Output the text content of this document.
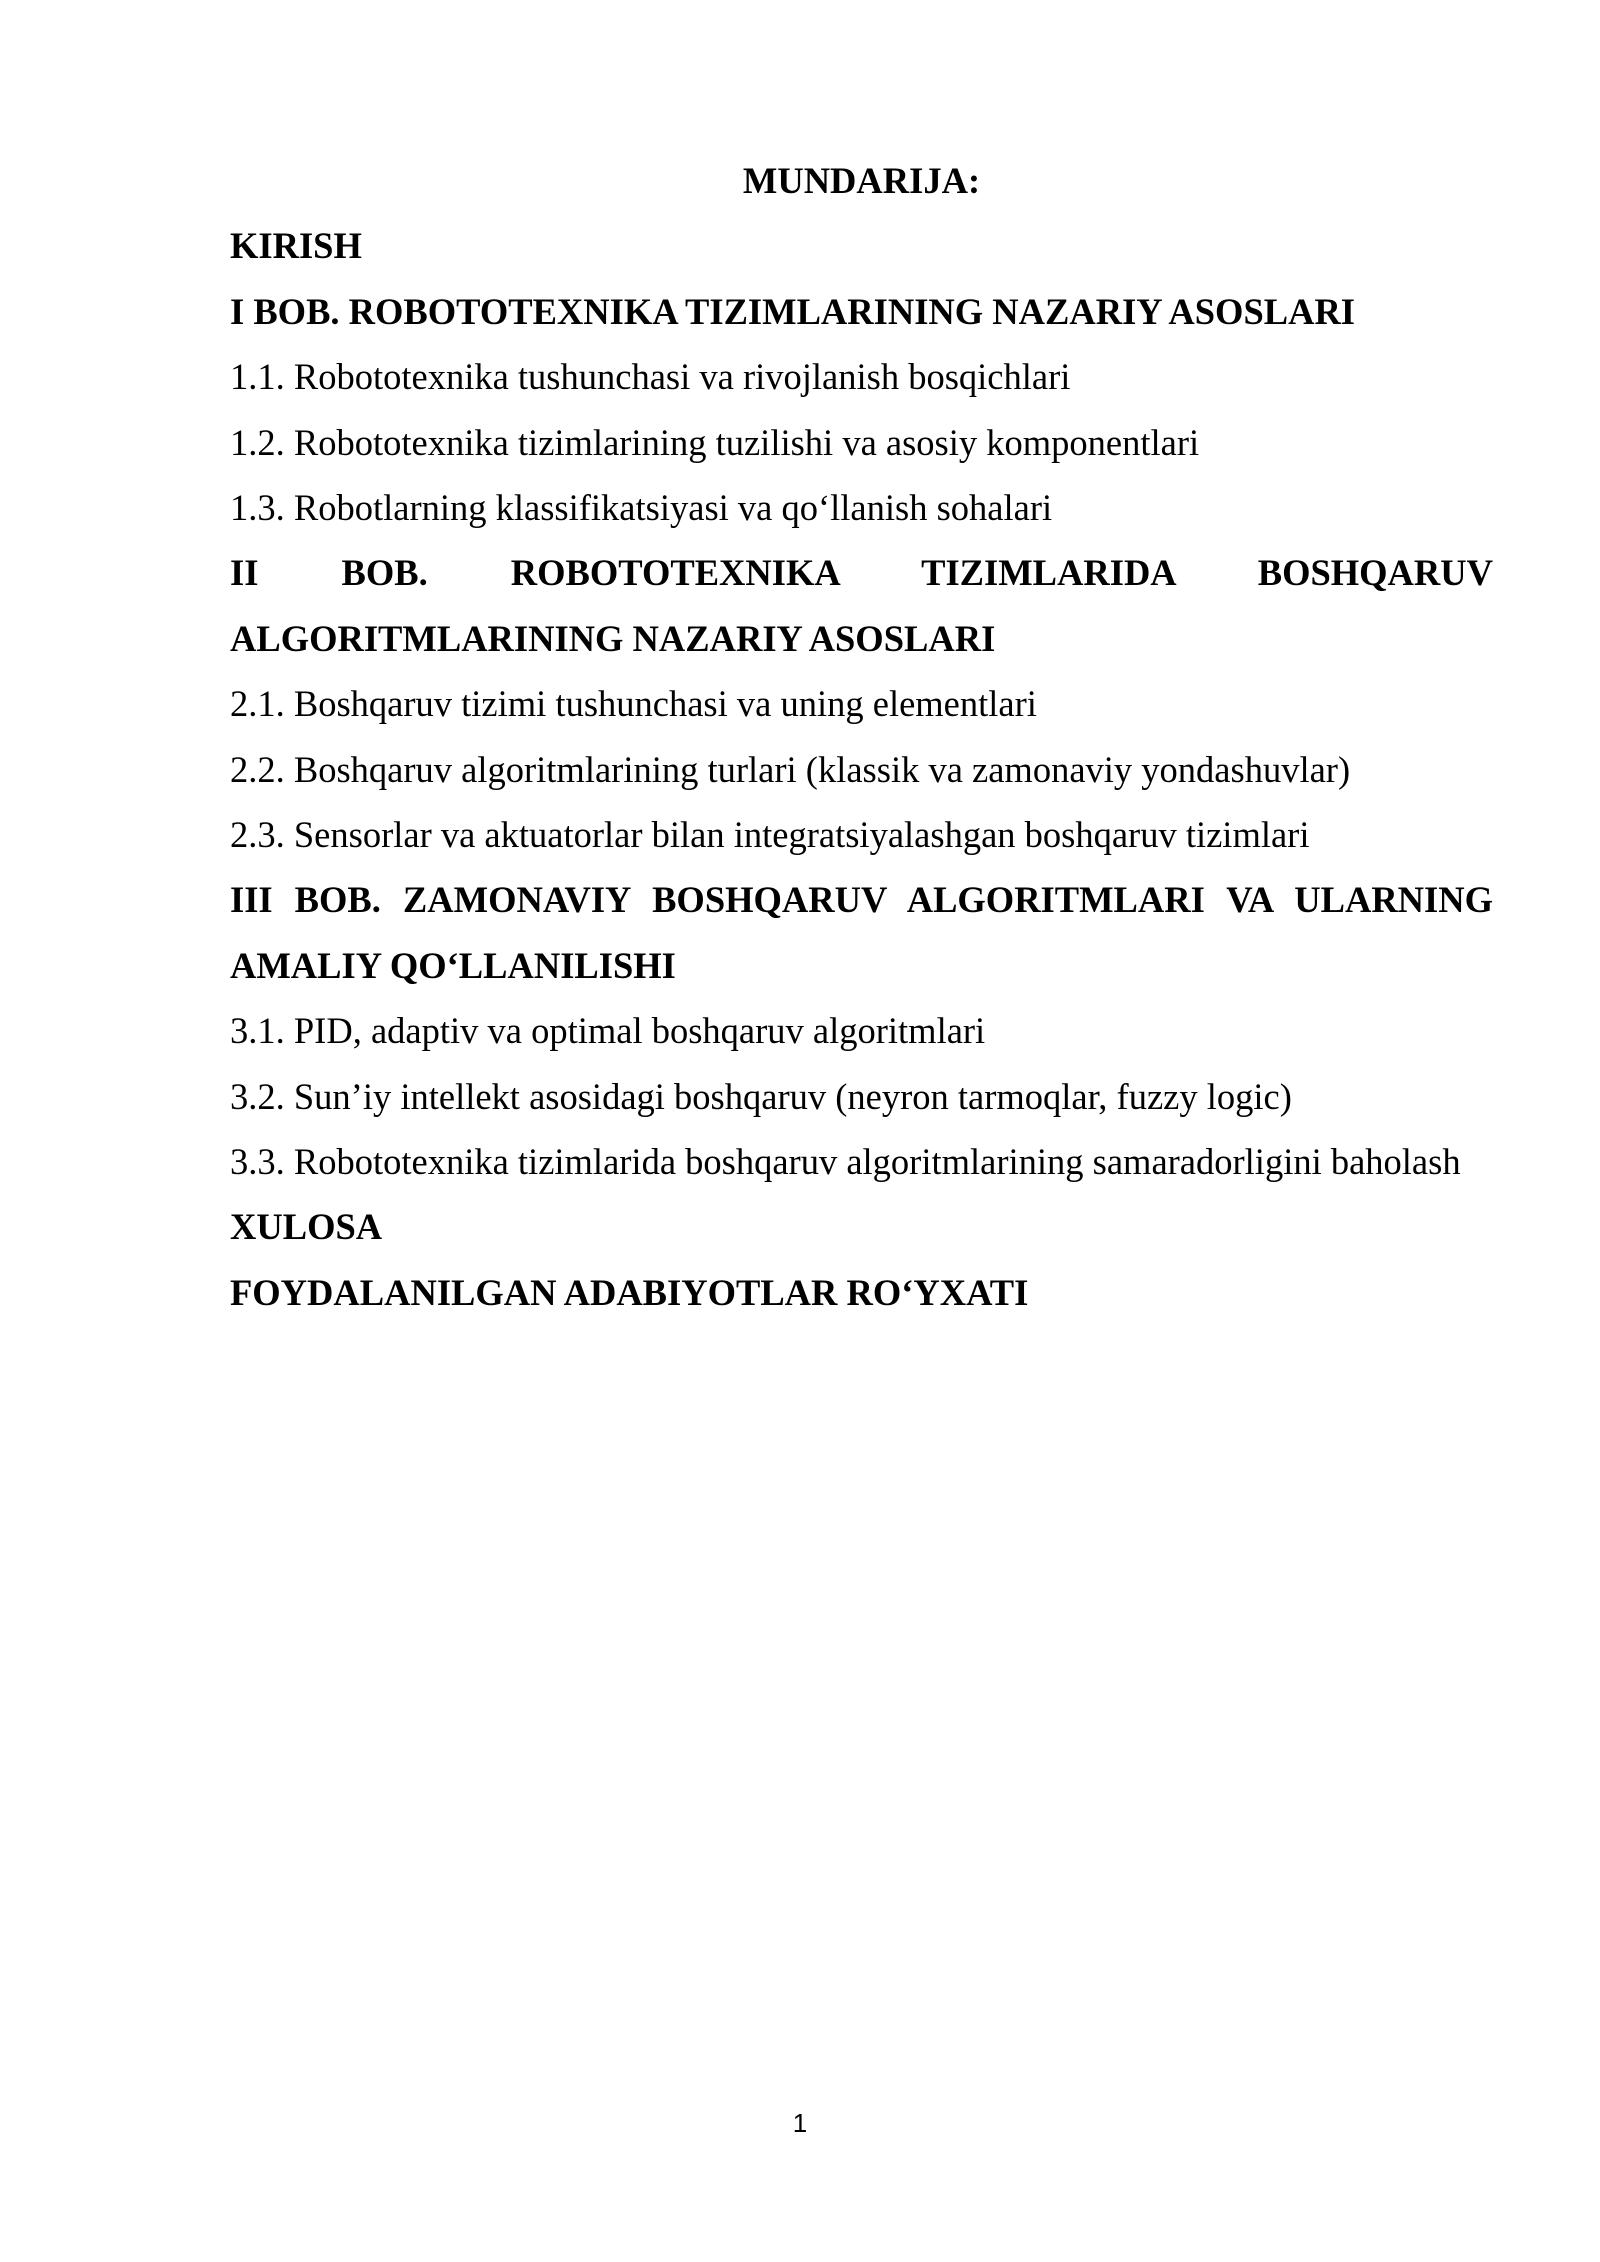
MUNDARIJA:

KIRISH

I BOB. ROBOTOTEXNIKA TIZIMLARINING NAZARIY ASOSLARI

1.1. Robototexnika tushunchasi va rivojlanish bosqichlari

1.2. Robototexnika tizimlarining tuzilishi va asosiy komponentlari

1.3. Robotlarning klassifikatsiyasi va qo‘llanish sohalari

II BOB. ROBOTOTEXNIKA TIZIMLARIDA BOSHQARUV ALGORITMLARINING NAZARIY ASOSLARI

2.1. Boshqaruv tizimi tushunchasi va uning elementlari

2.2. Boshqaruv algoritmlarining turlari (klassik va zamonaviy yondashuvlar)

2.3. Sensorlar va aktuatorlar bilan integratsiyalashgan boshqaruv tizimlari

III BOB. ZAMONAVIY BOSHQARUV ALGORITMLARI VA ULARNING AMALIY QO‘LLANILISHI

3.1. PID, adaptiv va optimal boshqaruv algoritmlari

3.2. Sun’iy intellekt asosidagi boshqaruv (neyron tarmoqlar, fuzzy logic)

3.3. Robototexnika tizimlarida boshqaruv algoritmlarining samaradorligini baholash

XULOSA

FOYDALANILGAN ADABIYOTLAR RO‘YXATI

1
